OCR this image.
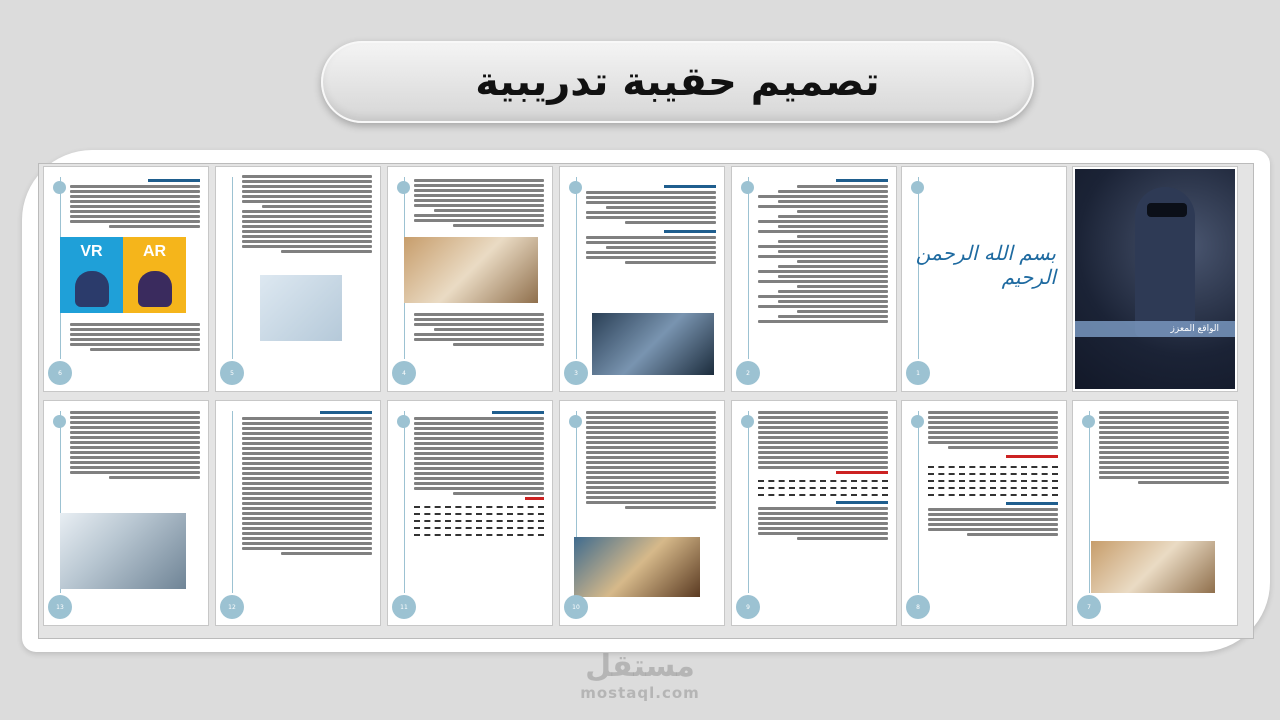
تصميم حقيبة تدريبية
الواقع المعزز
بسم الله الرحمن الرحيم
1
2
3
4
5
VR	AR
6
7
8
9
10
11
12
13
مستقل
mostaql.com
